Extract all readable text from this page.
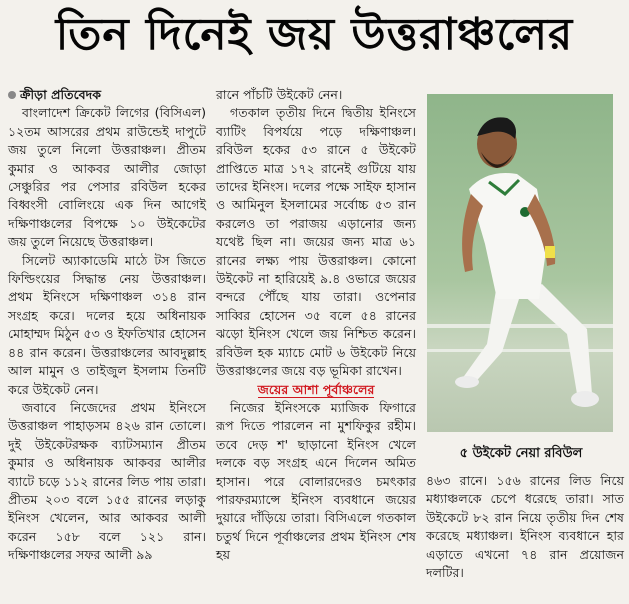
তিন দিনেই জয় উত্তরাঞ্চলের

ক্রীড়া প্রতিবেদক

বাংলাদেশ ক্রিকেট লিগের (বিসিএল) ১২তম আসরের প্রথম রাউন্ডেই দাপুটে জয় তুলে নিলো উত্তরাঞ্চল। প্রীতম কুমার ও আকবর আলীর জোড়া সেঞ্চুরির পর পেসার রবিউল হকের বিধ্বংসী বোলিংয়ে এক দিন আগেই দক্ষিণাঞ্চলের বিপক্ষে ১০ উইকেটের জয় তুলে নিয়েছে উত্তরাঞ্চল।

সিলেট অ্যাকাডেমি মাঠে টস জিতে ফিল্ডিংয়ের সিদ্ধান্ত নেয় উত্তরাঞ্চল। প্রথম ইনিংসে দক্ষিণাঞ্চল ৩১৪ রান সংগ্রহ করে। দলের হয়ে অধিনায়ক মোহাম্মদ মিঠুন ৫৩ ও ইফতিখার হোসেন ৪৪ রান করেন। উত্তরাঞ্চলের আবদুল্লাহ আল মামুন ও তাইজুল ইসলাম তিনটি করে উইকেট নেন।

জবাবে নিজেদের প্রথম ইনিংসে উত্তরাঞ্চল পাহাড়সম ৪২৬ রান তোলে। দুই উইকেটরক্ষক ব্যাটসম্যান প্রীতম কুমার ও অধিনায়ক আকবর আলীর ব্যাটে চড়ে ১১২ রানের লিড পায় তারা। প্রীতম ২০৩ বলে ১৫৫ রানের লড়াকু ইনিংস খেলেন, আর আকবর আলী করেন ১৫৮ বলে ১২১ রান। দক্ষিণাঞ্চলের সফর আলী ৯৯

রানে পাঁচটি উইকেট নেন।

গতকাল তৃতীয় দিনে দ্বিতীয় ইনিংসে ব্যাটিং বিপর্যয়ে পড়ে দক্ষিণাঞ্চল। রবিউল হকের ৫৩ রানে ৫ উইকেট প্রাপ্তিতে মাত্র ১৭২ রানেই গুটিয়ে যায় তাদের ইনিংস। দলের পক্ষে সাইফ হাসান ও আমিনুল ইসলামের সর্বোচ্চ ৫৩ রান করলেও তা পরাজয় এড়ানোর জন্য যথেষ্ট ছিল না। জয়ের জন্য মাত্র ৬১ রানের লক্ষ্য পায় উত্তরাঞ্চল। কোনো উইকেট না হারিয়েই ৯.৪ ওভারে জয়ের বন্দরে পৌঁছে যায় তারা। ওপেনার সাব্বির হোসেন ৩৫ বলে ৫৪ রানের ঝড়ো ইনিংস খেলে জয় নিশ্চিত করেন। রবিউল হক ম্যাচে মোট ৬ উইকেট নিয়ে উত্তরাঞ্চলের জয়ে বড় ভূমিকা রাখেন।

জয়ের আশা পূর্বাঞ্চলের

নিজের ইনিংসকে ম্যাজিক ফিগারে রূপ দিতে পারলেন না মুশফিকুর রহীম। তবে দেড় শ' ছাড়ানো ইনিংস খেলে দলকে বড় সংগ্রহ এনে দিলেন অমিত হাসান। পরে বোলারদেরও চমৎকার পারফরম্যান্সে ইনিংস ব্যবধানে জয়ের দুয়ারে দাঁড়িয়ে তারা। বিসিএলে গতকাল চতুর্থ দিনে পূর্বাঞ্চলের প্রথম ইনিংস শেষ হয়

৫ উইকেট নেয়া রবিউল

৪৬৩ রানে। ১৫৬ রানের লিড নিয়ে মধ্যাঞ্চলকে চেপে ধরেছে তারা। সাত উইকেটে ৮২ রান নিয়ে তৃতীয় দিন শেষ করেছে মধ্যাঞ্চল। ইনিংস ব্যবধানে হার এড়াতে এখনো ৭৪ রান প্রয়োজন দলটির।
